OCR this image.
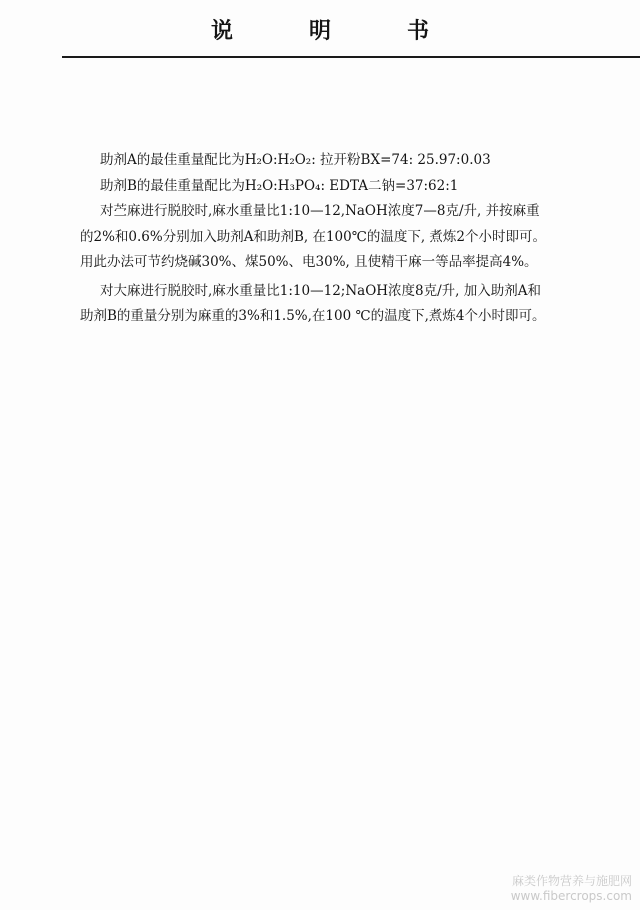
说	明	书
助剂A的最佳重量配比为H₂O:H₂O₂: 拉开粉BX=74: 25.97:0.03
助剂B的最佳重量配比为H₂O:H₃PO₄: EDTA二钠=37:62:1
对苎麻进行脱胶时,麻水重量比1:10—12,NaOH浓度7—8克/升, 并按麻重
的2%和0.6%分别加入助剂A和助剂B, 在100℃的温度下, 煮炼2个小时即可。
用此办法可节约烧碱30%、煤50%、电30%, 且使精干麻一等品率提高4%。
对大麻进行脱胶时,麻水重量比1:10—12;NaOH浓度8克/升, 加入助剂A和
助剂B的重量分别为麻重的3%和1.5%,在100 ℃的温度下,煮炼4个小时即可。
麻类作物营养与施肥网
www.fibercrops.com
